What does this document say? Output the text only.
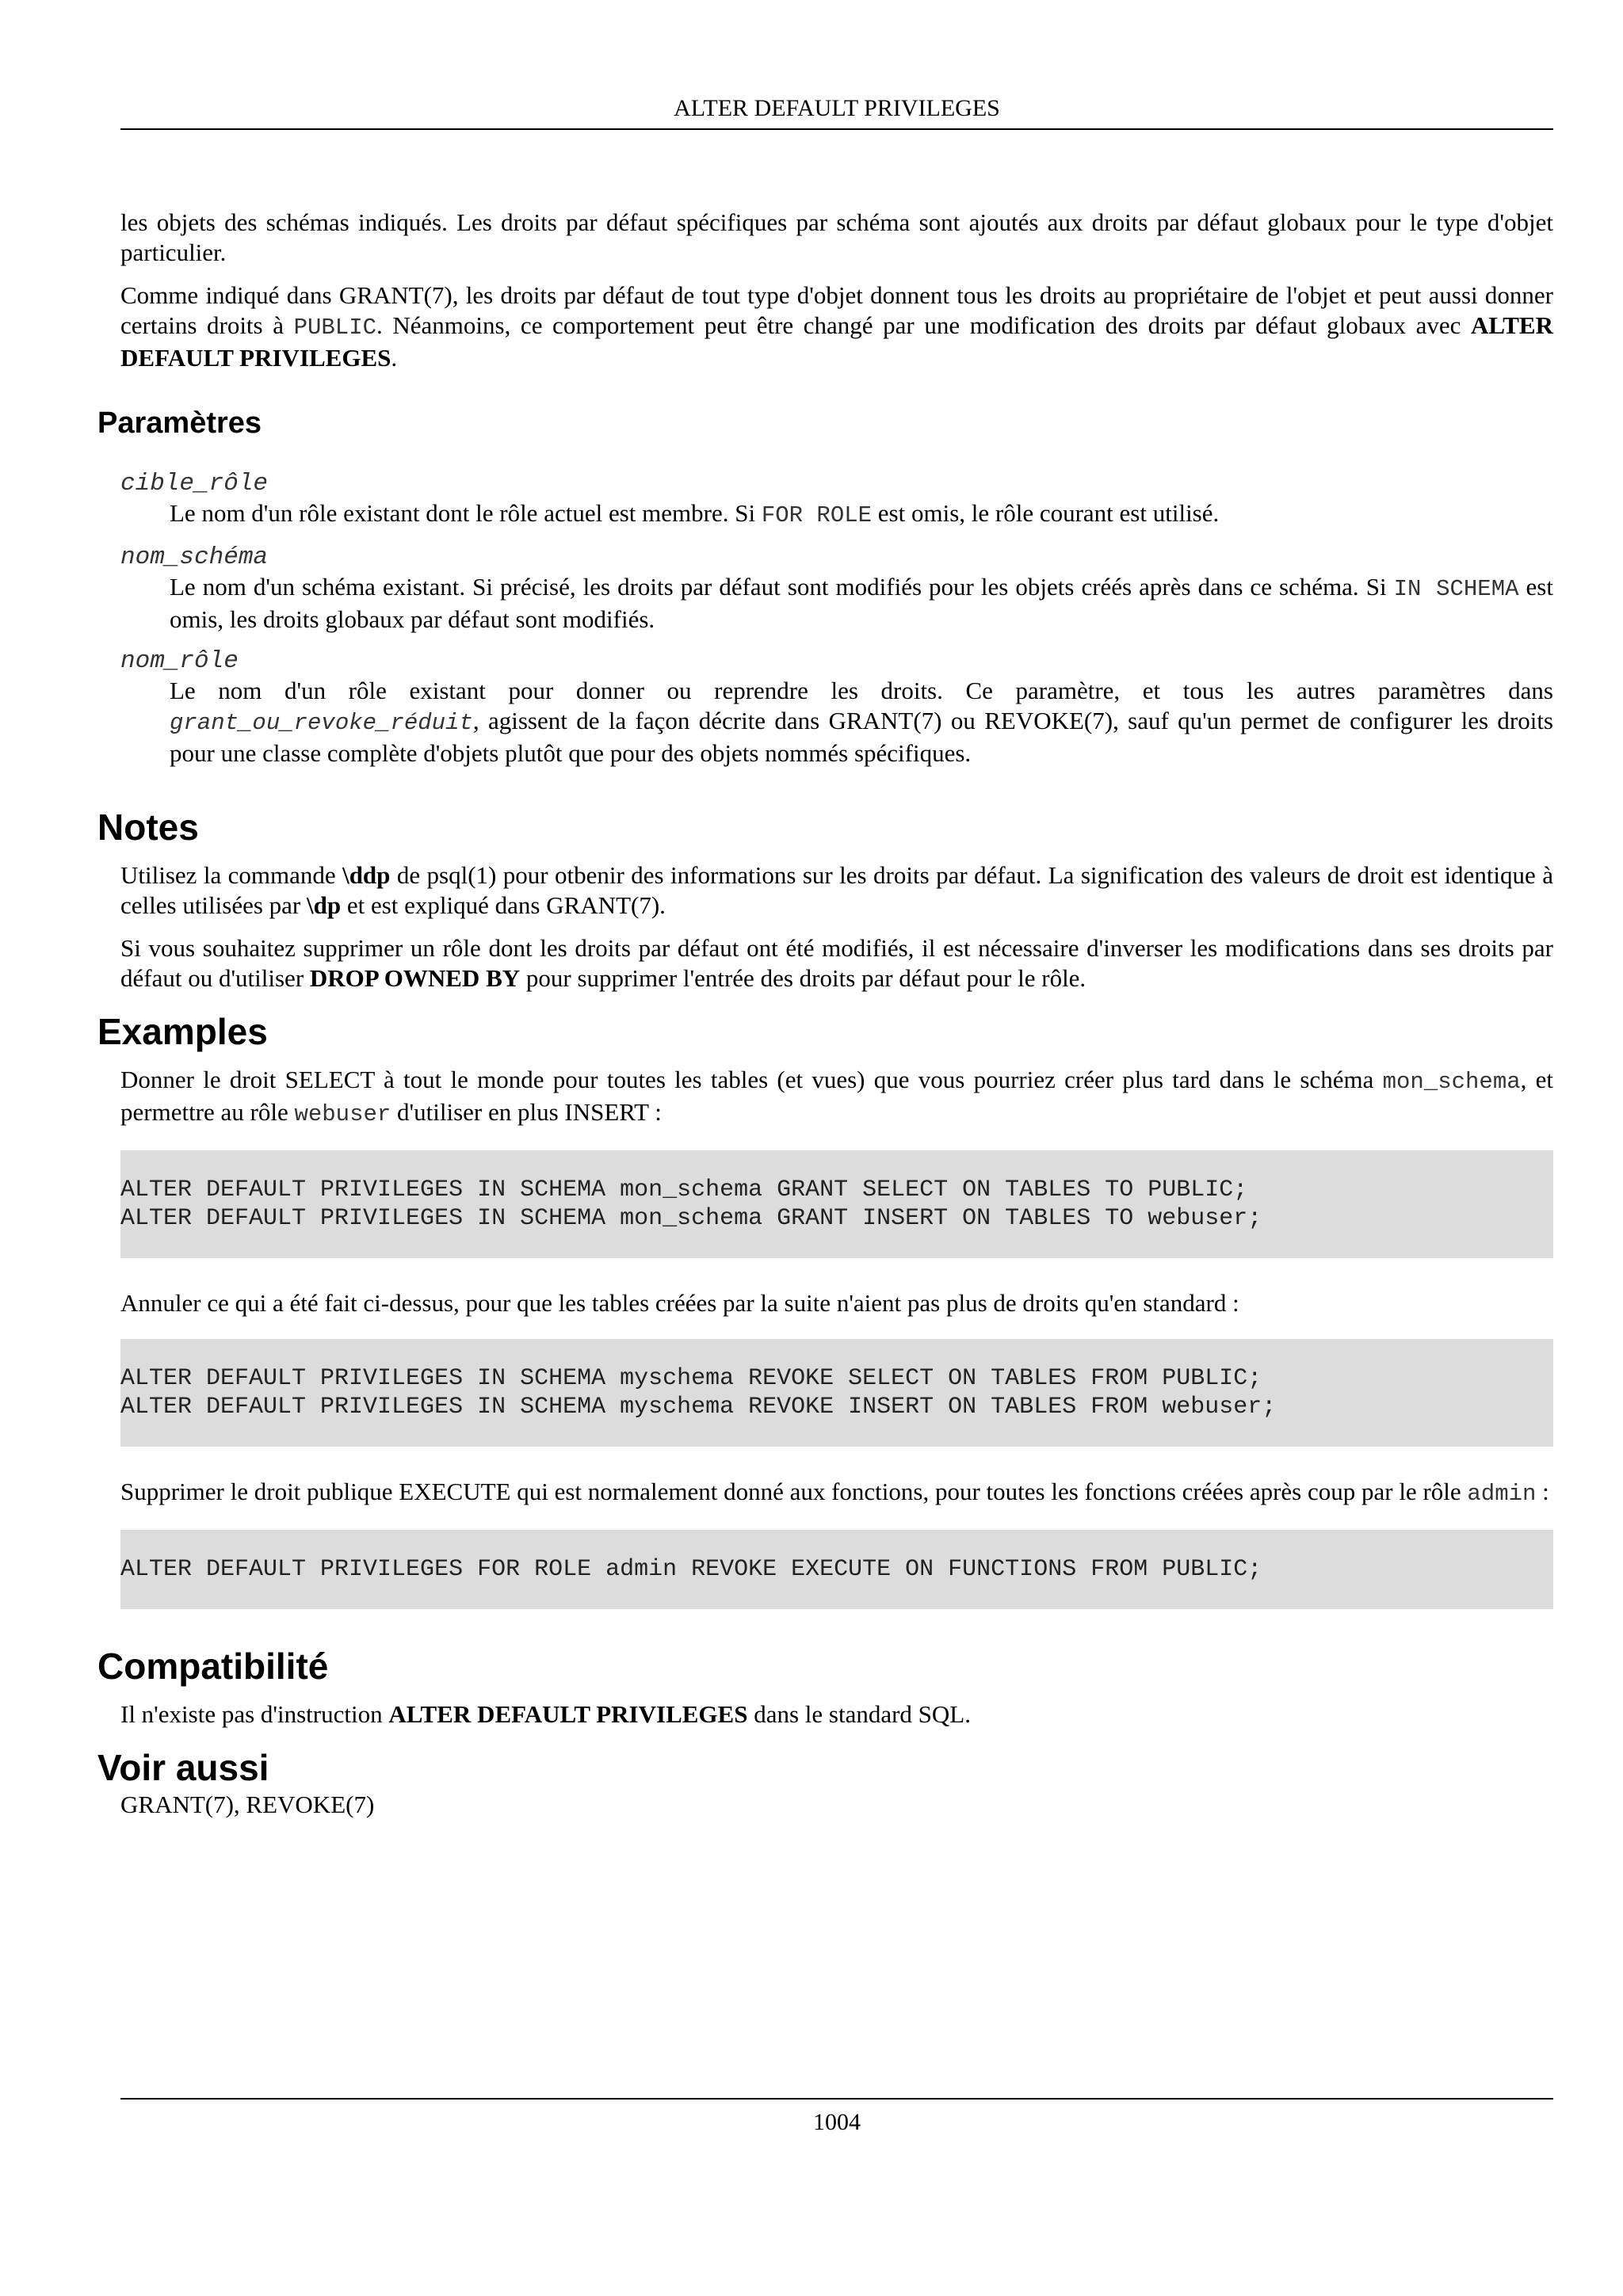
ALTER DEFAULT PRIVILEGES

les objets des schémas indiqués. Les droits par défaut spécifiques par schéma sont ajoutés aux droits par défaut globaux pour le type d'objet particulier.

Comme indiqué dans GRANT(7), les droits par défaut de tout type d'objet donnent tous les droits au propriétaire de l'objet et peut aussi donner certains droits à PUBLIC. Néanmoins, ce comportement peut être changé par une modification des droits par défaut globaux avec ALTER DEFAULT PRIVILEGES.

Paramètres
cible_rôle

Le nom d'un rôle existant dont le rôle actuel est membre. Si FOR ROLE est omis, le rôle courant est utilisé.

nom_schéma

Le nom d'un schéma existant. Si précisé, les droits par défaut sont modifiés pour les objets créés après dans ce schéma. Si IN SCHEMA est omis, les droits globaux par défaut sont modifiés.

nom_rôle

Le nom d'un rôle existant pour donner ou reprendre les droits. Ce paramètre, et tous les autres paramètres dans grant_ou_revoke_réduit, agissent de la façon décrite dans GRANT(7) ou REVOKE(7), sauf qu'un permet de configurer les droits pour une classe complète d'objets plutôt que pour des objets nommés spécifiques.

Notes

Utilisez la commande \ddp de psql(1) pour otbenir des informations sur les droits par défaut. La signification des valeurs de droit est identique à celles utilisées par \dp et est expliqué dans GRANT(7).

Si vous souhaitez supprimer un rôle dont les droits par défaut ont été modifiés, il est nécessaire d'inverser les modifications dans ses droits par défaut ou d'utiliser DROP OWNED BY pour supprimer l'entrée des droits par défaut pour le rôle.

Examples

Donner le droit SELECT à tout le monde pour toutes les tables (et vues) que vous pourriez créer plus tard dans le schéma mon_schema, et permettre au rôle webuser d'utiliser en plus INSERT :

ALTER DEFAULT PRIVILEGES IN SCHEMA mon_schema GRANT SELECT ON TABLES TO PUBLIC;
ALTER DEFAULT PRIVILEGES IN SCHEMA mon_schema GRANT INSERT ON TABLES TO webuser;

Annuler ce qui a été fait ci-dessus, pour que les tables créées par la suite n'aient pas plus de droits qu'en standard :

ALTER DEFAULT PRIVILEGES IN SCHEMA myschema REVOKE SELECT ON TABLES FROM PUBLIC;
ALTER DEFAULT PRIVILEGES IN SCHEMA myschema REVOKE INSERT ON TABLES FROM webuser;

Supprimer le droit publique EXECUTE qui est normalement donné aux fonctions, pour toutes les fonctions créées après coup par le rôle admin :

ALTER DEFAULT PRIVILEGES FOR ROLE admin REVOKE EXECUTE ON FUNCTIONS FROM PUBLIC;
Compatibilité

Il n'existe pas d'instruction ALTER DEFAULT PRIVILEGES dans le standard SQL.

Voir aussi

GRANT(7), REVOKE(7)

1004
